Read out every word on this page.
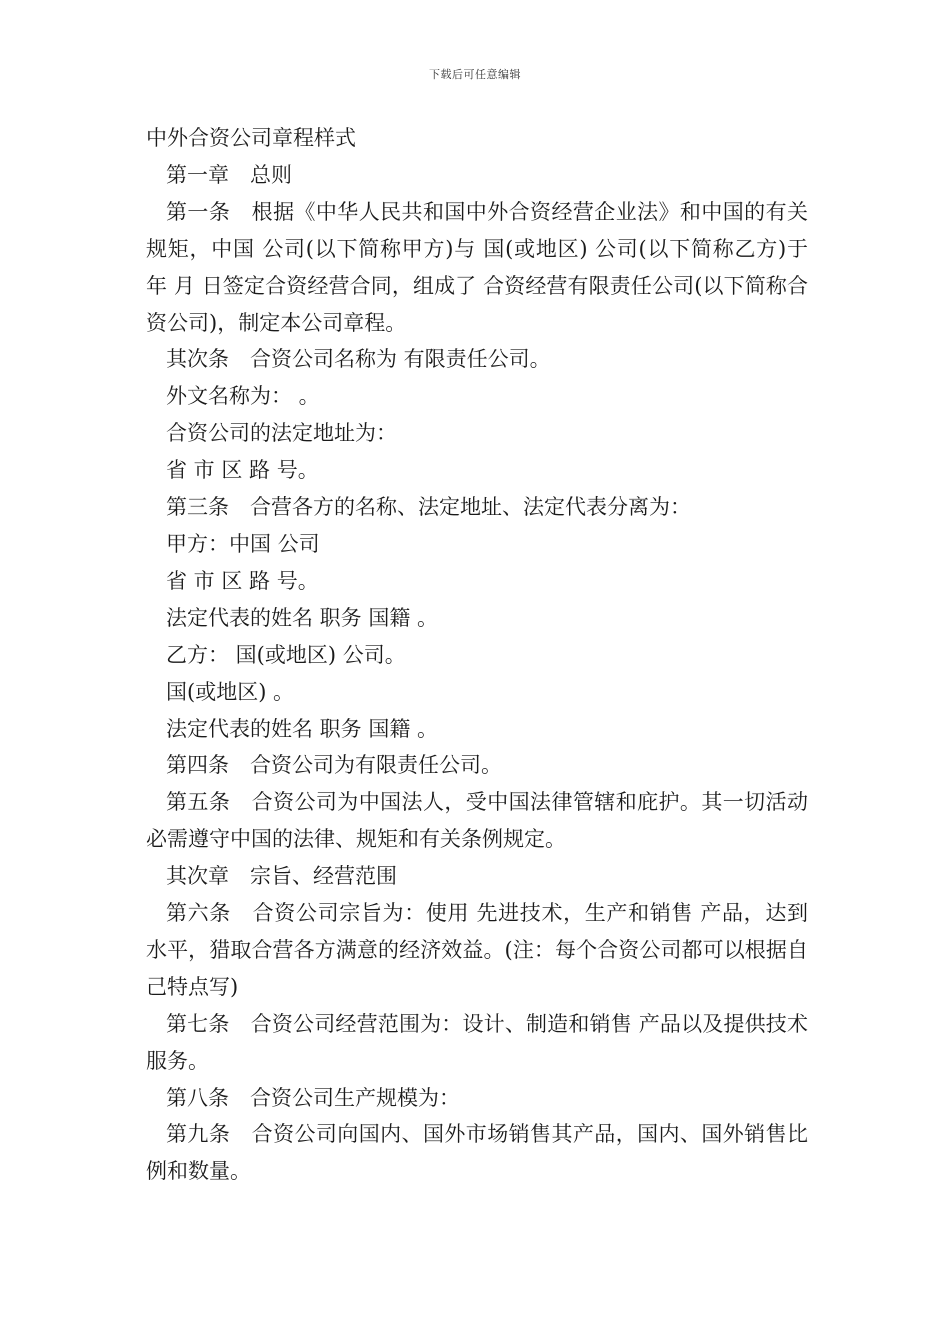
下载后可任意编辑
中外合资公司章程样式
第一章　总则
第一条　根据《中华人民共和国中外合资经营企业法》和中国的有关规矩，中国 公司(以下简称甲方)与 国(或地区) 公司(以下简称乙方)于 年 月 日签定合资经营合同，组成了 合资经营有限责任公司(以下简称合资公司)，制定本公司章程。
其次条　合资公司名称为 有限责任公司。
外文名称为： 。
合资公司的法定地址为：
省 市 区 路 号。
第三条　合营各方的名称、法定地址、法定代表分离为：
甲方：中国 公司
省 市 区 路 号。
法定代表的姓名 职务 国籍 。
乙方： 国(或地区) 公司。
国(或地区) 。
法定代表的姓名 职务 国籍 。
第四条　合资公司为有限责任公司。
第五条　合资公司为中国法人，受中国法律管辖和庇护。其一切活动必需遵守中国的法律、规矩和有关条例规定。
其次章　宗旨、经营范围
第六条　合资公司宗旨为：使用 先进技术，生产和销售 产品，达到 水平，猎取合营各方满意的经济效益。(注：每个合资公司都可以根据自己特点写)
第七条　合资公司经营范围为：设计、制造和销售 产品以及提供技术服务。
第八条　合资公司生产规模为：
第九条　合资公司向国内、国外市场销售其产品，国内、国外销售比例和数量。
